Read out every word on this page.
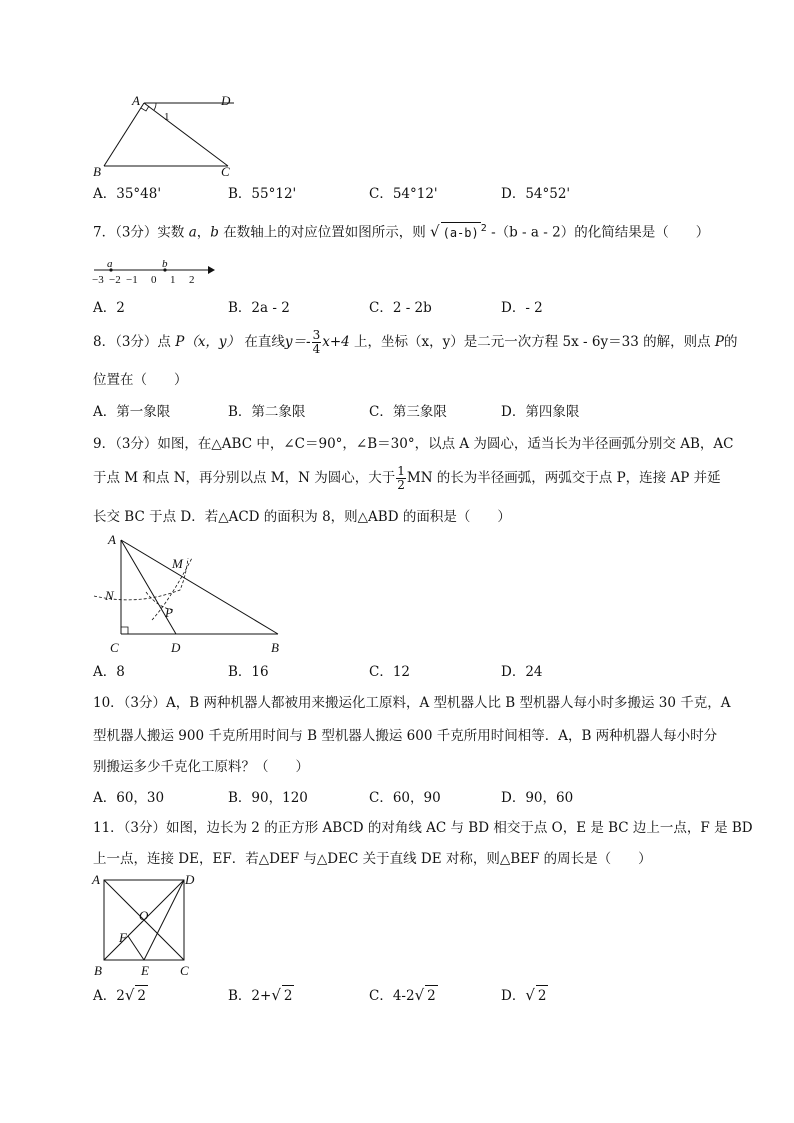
A	D
B	C
1
A．35°48'	B．55°12'	C．54°12'	D．54°52'
7．（3分）实数 a，b 在数轴上的对应位置如图所示，则 √ (a-b) $^2$ -（b - a - 2）的化简结果是（　　）
a	b
−3 −2 −1 0 1 2
A．2	B．2a - 2	C．2 - 2b	D．- 2
8．（3分）点 P（x，y） 在直线$y=- \frac{3}{4} x+4$ 上，坐标（x，y）是二元一次方程 5x - 6y＝33 的解，则点 P的
位置在（　　）
A．第一象限	B．第二象限	C．第三象限	D．第四象限
9．（3分）如图，在△ABC 中，∠C＝90°，∠B＝30°，以点 A 为圆心，适当长为半径画弧分别交 AB，AC
于点 M 和点 N，再分别以点 M，N 为圆心，大于 $\frac{1}{2}$ MN 的长为半径画弧，两弧交于点 P，连接 AP 并延
长交 BC 于点 D．若△ACD 的面积为 8，则△ABD 的面积是（　　）
A
M
N
P
C	D	B
A．8	B．16	C．12	D．24
10．（3分）A，B 两种机器人都被用来搬运化工原料，A 型机器人比 B 型机器人每小时多搬运 30 千克，A
型机器人搬运 900 千克所用时间与 B 型机器人搬运 600 千克所用时间相等．A，B 两种机器人每小时分
别搬运多少千克化工原料？（　　）
A．60，30	B．90，120	C．60，90	D．90，60
11．（3分）如图，边长为 2 的正方形 ABCD 的对角线 AC 与 BD 相交于点 O，E 是 BC 边上一点，F 是 BD
上一点，连接 DE，EF．若△DEF 与△DEC 关于直线 DE 对称，则△BEF 的周长是（　　）
A	D
O
F
B	E C
A．2√ 2	B．2+√ 2	C．4-2√ 2	D．√ 2
